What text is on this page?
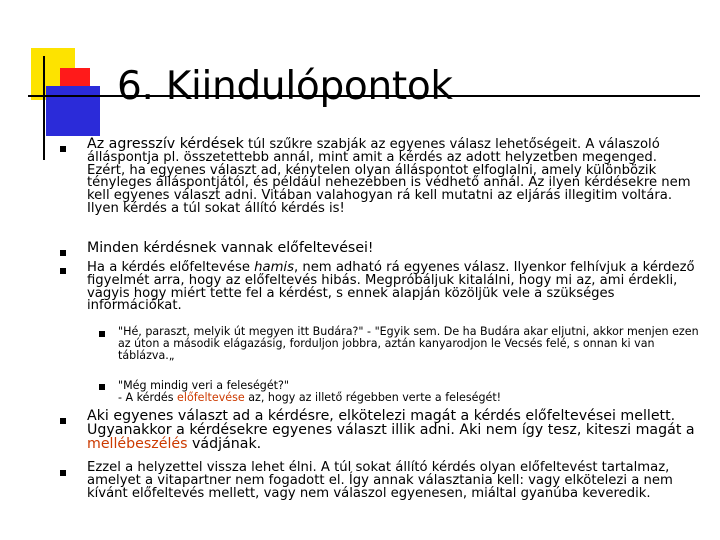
6. Kiindulópontok
Az agresszív kérdések túl szűkre szabják az egyenes válasz lehetőségeit. A válaszoló álláspontja pl. összetettebb annál, mint amit a kérdés az adott helyzetben megenged. Ezért, ha egyenes választ ad, kénytelen olyan álláspontot elfoglalni, amely különbözik tényleges álláspontjától, és például nehezebben is védhető annál. Az ilyen kérdésekre nem kell egyenes választ adni. Vitában valahogyan rá kell mutatni az eljárás illegitim voltára. Ilyen kérdés a túl sokat állító kérdés is!
Minden kérdésnek vannak előfeltevései!
Ha a kérdés előfeltevése hamis, nem adható rá egyenes válasz. Ilyenkor felhívjuk a kérdező figyelmét arra, hogy az előfeltevés hibás. Megpróbáljuk kitalálni, hogy mi az, ami érdekli, vagyis hogy miért tette fel a kérdést, s ennek alapján közöljük vele a szükséges információkat.
"Hé, paraszt, melyik út megyen itt Budára?" - "Egyik sem. De ha Budára akar eljutni, akkor menjen ezen az úton a második elágazásig, forduljon jobbra, aztán kanyarodjon le Vecsés felé, s onnan ki van táblázva.„
"Még mindig veri a feleségét?"
- A kérdés előfeltevése az, hogy az illető régebben verte a feleségét!
Aki egyenes választ ad a kérdésre, elkötelezi magát a kérdés előfeltevései mellett. Ugyanakkor a kérdésekre egyenes választ illik adni. Aki nem így tesz, kiteszi magát a mellébeszélés vádjának.
Ezzel a helyzettel vissza lehet élni. A túl sokat állító kérdés olyan előfeltevést tartalmaz, amelyet a vitapartner nem fogadott el. Így annak választania kell: vagy elkötelezi a nem kívánt előfeltevés mellett, vagy nem válaszol egyenesen, miáltal gyanúba keveredik.
